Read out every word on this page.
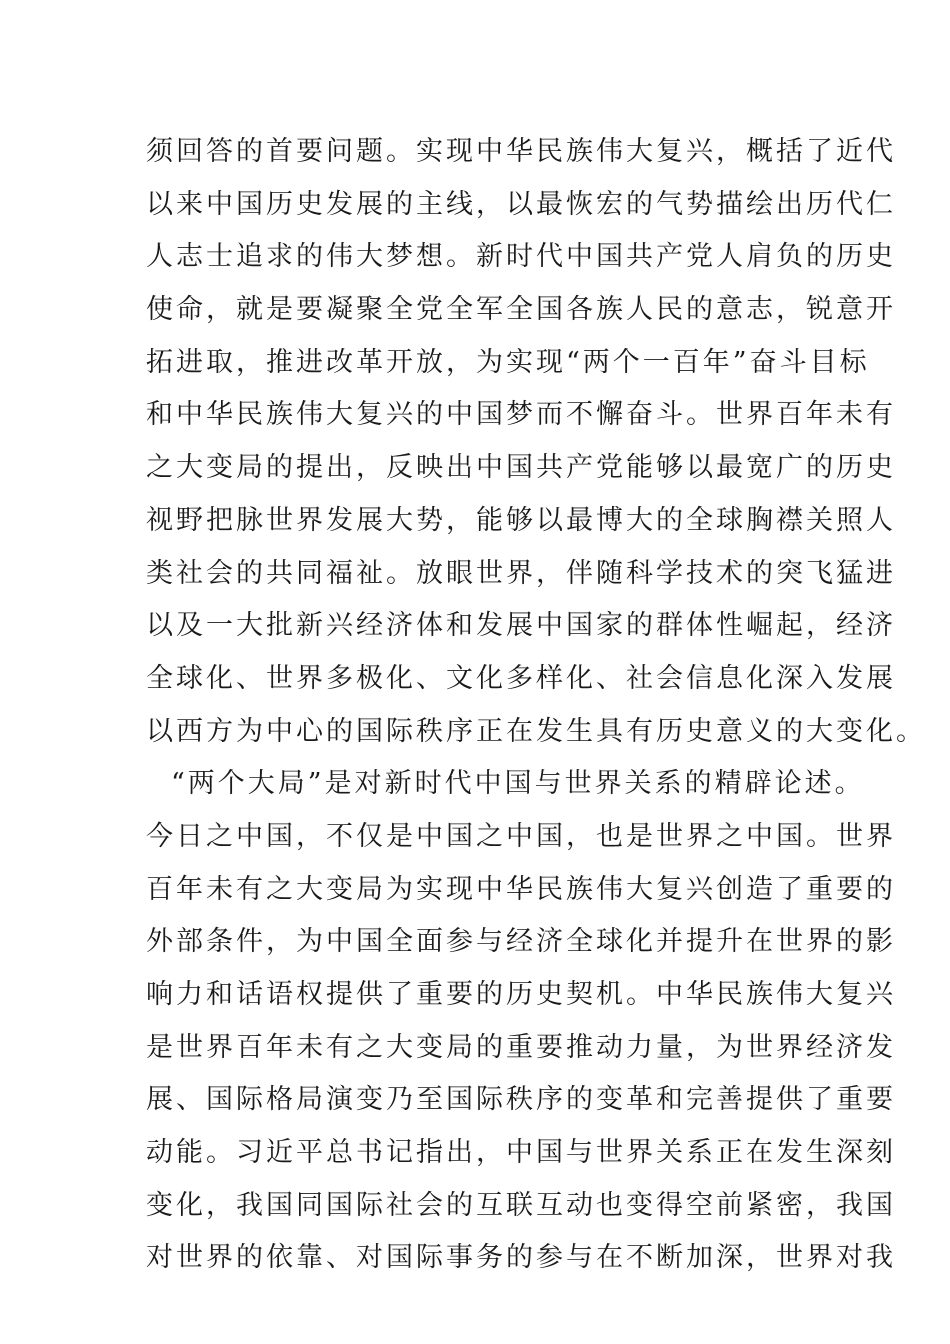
须回答的首要问题。实现中华民族伟大复兴，概括了近代
以来中国历史发展的主线，以最恢宏的气势描绘出历代仁
人志士追求的伟大梦想。新时代中国共产党人肩负的历史
使命，就是要凝聚全党全军全国各族人民的意志，锐意开
拓进取，推进改革开放，为实现“两个一百年”奋斗目标
和中华民族伟大复兴的中国梦而不懈奋斗。世界百年未有
之大变局的提出，反映出中国共产党能够以最宽广的历史
视野把脉世界发展大势，能够以最博大的全球胸襟关照人
类社会的共同福祉。放眼世界，伴随科学技术的突飞猛进
以及一大批新兴经济体和发展中国家的群体性崛起，经济
全球化、世界多极化、文化多样化、社会信息化深入发展
以西方为中心的国际秩序正在发生具有历史意义的大变化。
“两个大局”是对新时代中国与世界关系的精辟论述。
今日之中国，不仅是中国之中国，也是世界之中国。世界
百年未有之大变局为实现中华民族伟大复兴创造了重要的
外部条件，为中国全面参与经济全球化并提升在世界的影
响力和话语权提供了重要的历史契机。中华民族伟大复兴
是世界百年未有之大变局的重要推动力量，为世界经济发
展、国际格局演变乃至国际秩序的变革和完善提供了重要
动能。习近平总书记指出，中国与世界关系正在发生深刻
变化，我国同国际社会的互联互动也变得空前紧密，我国
对世界的依靠、对国际事务的参与在不断加深，世界对我
